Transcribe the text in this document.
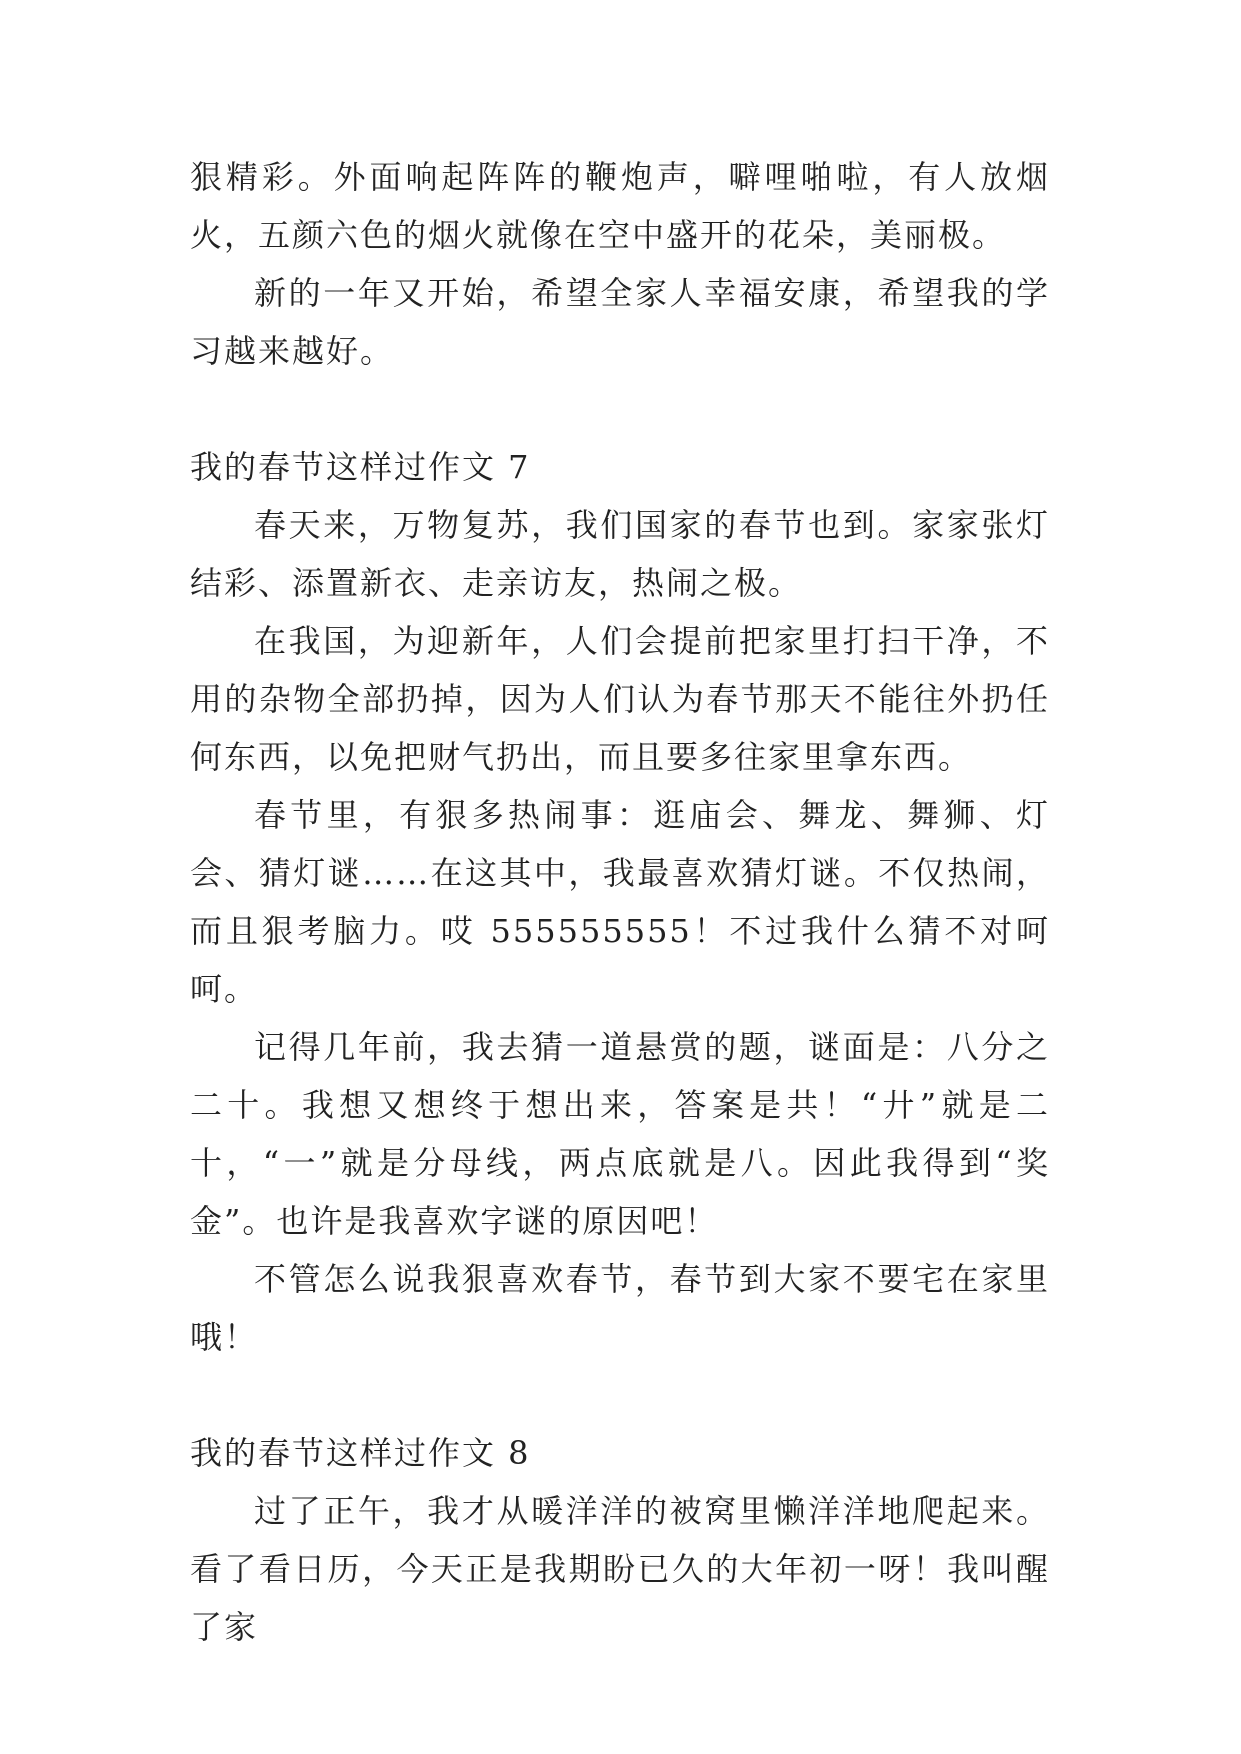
狠精彩。外面响起阵阵的鞭炮声，噼哩啪啦，有人放烟火，五颜六色的烟火就像在空中盛开的花朵，美丽极。

新的一年又开始，希望全家人幸福安康，希望我的学习越来越好。

我的春节这样过作文 7

春天来，万物复苏，我们国家的春节也到。家家张灯结彩、添置新衣、走亲访友，热闹之极。

在我国，为迎新年，人们会提前把家里打扫干净，不用的杂物全部扔掉，因为人们认为春节那天不能往外扔任何东西，以免把财气扔出，而且要多往家里拿东西。

春节里，有狠多热闹事：逛庙会、舞龙、舞狮、灯会、猜灯谜……在这其中，我最喜欢猜灯谜。不仅热闹，而且狠考脑力。哎 555555555！不过我什么猜不对呵呵。

记得几年前，我去猜一道悬赏的题，谜面是：八分之二十。我想又想终于想出来，答案是共！“廾”就是二十，“一”就是分母线，两点底就是八。因此我得到“奖金”。也许是我喜欢字谜的原因吧！

不管怎么说我狠喜欢春节，春节到大家不要宅在家里哦！

我的春节这样过作文 8

过了正午，我才从暖洋洋的被窝里懒洋洋地爬起来。看了看日历，今天正是我期盼已久的大年初一呀！我叫醒了家
